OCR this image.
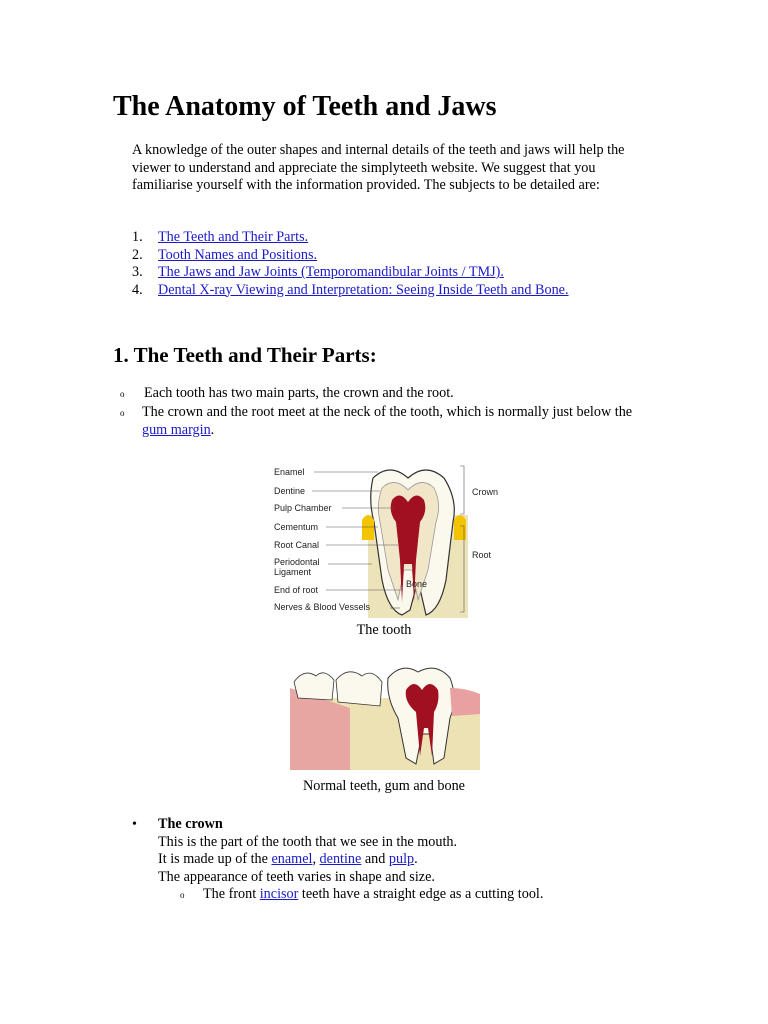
The Anatomy of Teeth and Jaws

A knowledge of the outer shapes and internal details of the teeth and jaws will help the viewer to understand and appreciate the simplyteeth website. We suggest that you familiarise yourself with the information provided. The subjects to be detailed are:

1.	The Teeth and Their Parts.
2.	Tooth Names and Positions.
3.	The Jaws and Jaw Joints (Temporomandibular Joints / TMJ).
4.	Dental X-ray Viewing and Interpretation: Seeing Inside Teeth and Bone.
1. The Teeth and Their Parts:
o	Each tooth has two main parts, the crown and the root.
o	The crown and the root meet at the neck of the tooth, which is normally just below the gum margin.
Enamel
Dentine
Pulp Chamber
Cementum
Root Canal
Periodontal
Ligament
End of root
Nerves & Blood Vessels
Crown
Root
Bone
The tooth
Normal teeth, gum and bone
•	The crown
This is the part of the tooth that we see in the mouth.
It is made up of the enamel, dentine and pulp.
The appearance of teeth varies in shape and size.
o	The front incisor teeth have a straight edge as a cutting tool.
